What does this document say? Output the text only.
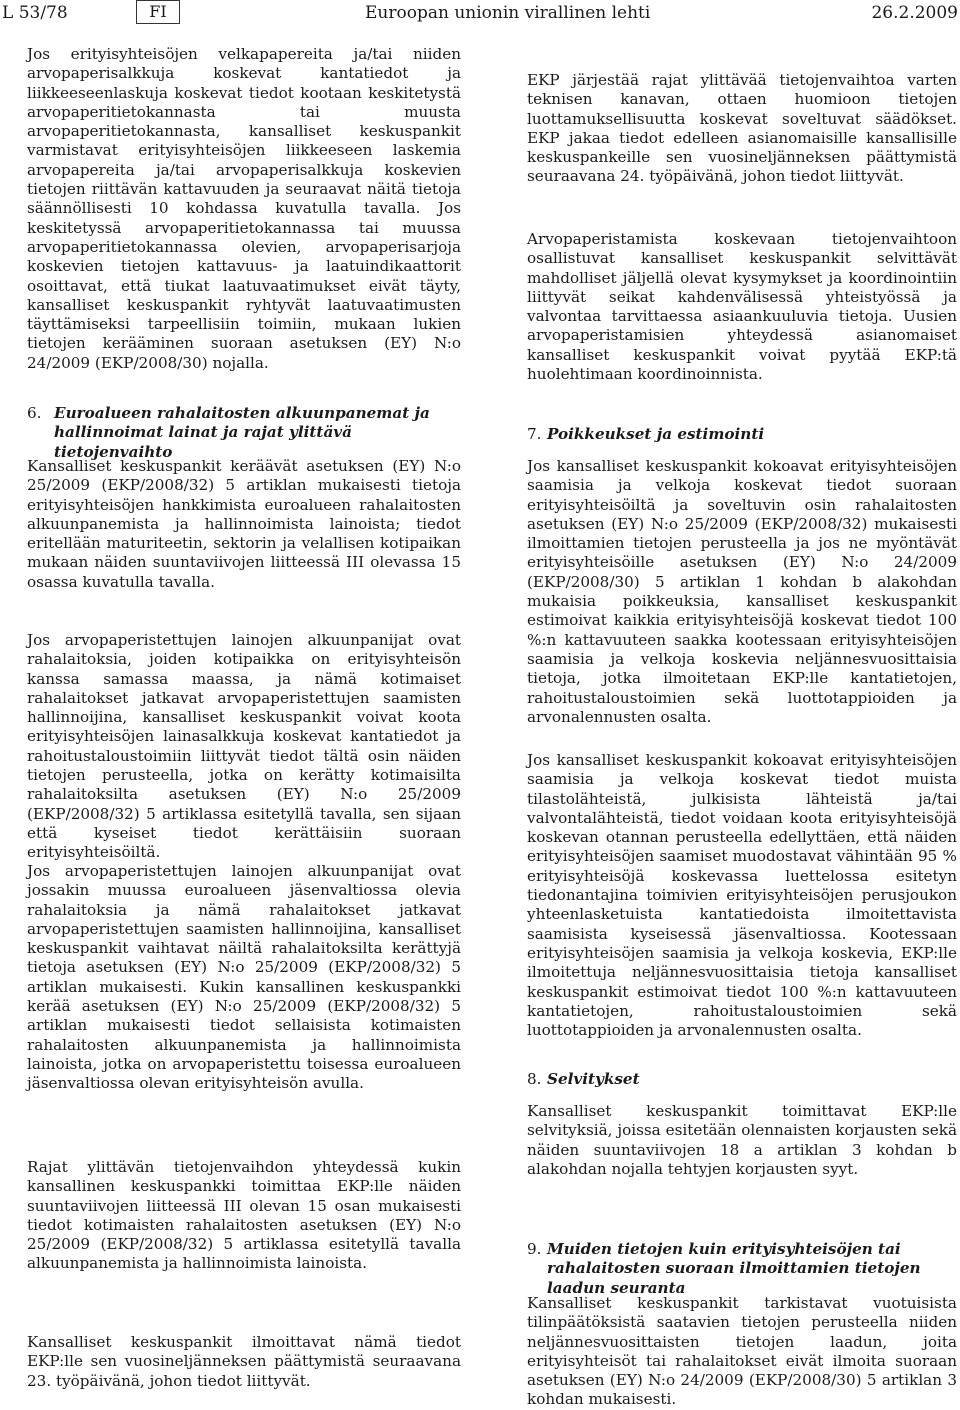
L 53/78	FI	Euroopan unionin virallinen lehti	26.2.2009

Jos erityisyhteisöjen velkapapereita ja/tai niiden arvopaperisalkkuja koskevat kantatiedot ja liikkeeseenlaskuja koskevat tiedot kootaan keskitetystä arvopaperitietokannasta tai muusta arvopaperitietokannasta, kansalliset keskuspankit varmistavat erityisyhteisöjen liikkeeseen laskemia arvopapereita ja/tai arvopaperisalkkuja koskevien tietojen riittävän kattavuuden ja seuraavat näitä tietoja säännöllisesti 10 kohdassa kuvatulla tavalla. Jos keskitetyssä arvopaperitietokannassa tai muussa arvopaperitietokannassa olevien, arvopaperisarjoja koskevien tietojen kattavuus- ja laatuindikaattorit osoittavat, että tiukat laatuvaatimukset eivät täyty, kansalliset keskuspankit ryhtyvät laatuvaatimusten täyttämiseksi tarpeellisiin toimiin, mukaan lukien tietojen kerääminen suoraan asetuksen (EY) N:o 24/2009 (EKP/2008/30) nojalla.

6. Euroalueen rahalaitosten alkuunpanemat ja hallinnoimat lainat ja rajat ylittävä tietojenvaihto

Kansalliset keskuspankit keräävät asetuksen (EY) N:o 25/2009 (EKP/2008/32) 5 artiklan mukaisesti tietoja erityisyhteisöjen hankkimista euroalueen rahalaitosten alkuunpanemista ja hallinnoimista lainoista; tiedot eritellään maturiteetin, sektorin ja velallisen kotipaikan mukaan näiden suuntaviivojen liitteessä III olevassa 15 osassa kuvatulla tavalla.

Jos arvopaperistettujen lainojen alkuunpanijat ovat rahalaitoksia, joiden kotipaikka on erityisyhteisön kanssa samassa maassa, ja nämä kotimaiset rahalaitokset jatkavat arvopaperistettujen saamisten hallinnoijina, kansalliset keskuspankit voivat koota erityisyhteisöjen lainasalkkuja koskevat kantatiedot ja rahoitustaloustoimiin liittyvät tiedot tältä osin näiden tietojen perusteella, jotka on kerätty kotimaisilta rahalaitoksilta asetuksen (EY) N:o 25/2009 (EKP/2008/32) 5 artiklassa esitetyllä tavalla, sen sijaan että kyseiset tiedot kerättäisiin suoraan erityisyhteisöiltä.

Jos arvopaperistettujen lainojen alkuunpanijat ovat jossakin muussa euroalueen jäsenvaltiossa olevia rahalaitoksia ja nämä rahalaitokset jatkavat arvopaperistettujen saamisten hallinnoijina, kansalliset keskuspankit vaihtavat näiltä rahalaitoksilta kerättyjä tietoja asetuksen (EY) N:o 25/2009 (EKP/2008/32) 5 artiklan mukaisesti. Kukin kansallinen keskuspankki kerää asetuksen (EY) N:o 25/2009 (EKP/2008/32) 5 artiklan mukaisesti tiedot sellaisista kotimaisten rahalaitosten alkuunpanemista ja hallinnoimista lainoista, jotka on arvopaperistettu toisessa euroalueen jäsenvaltiossa olevan erityisyhteisön avulla.

Rajat ylittävän tietojenvaihdon yhteydessä kukin kansallinen keskuspankki toimittaa EKP:lle näiden suuntaviivojen liitteessä III olevan 15 osan mukaisesti tiedot kotimaisten rahalaitosten asetuksen (EY) N:o 25/2009 (EKP/2008/32) 5 artiklassa esitetyllä tavalla alkuunpanemista ja hallinnoimista lainoista.

Kansalliset keskuspankit ilmoittavat nämä tiedot EKP:lle sen vuosineljänneksen päättymistä seuraavana 23. työpäivänä, johon tiedot liittyvät.

EKP järjestää rajat ylittävää tietojenvaihtoa varten teknisen kanavan, ottaen huomioon tietojen luottamuksellisuutta koskevat soveltuvat säädökset. EKP jakaa tiedot edelleen asianomaisille kansallisille keskuspankeille sen vuosineljänneksen päättymistä seuraavana 24. työpäivänä, johon tiedot liittyvät.

Arvopaperistamista koskevaan tietojenvaihtoon osallistuvat kansalliset keskuspankit selvittävät mahdolliset jäljellä olevat kysymykset ja koordinointiin liittyvät seikat kahdenvälisessä yhteistyössä ja valvontaa tarvittaessa asiaankuuluvia tietoja. Uusien arvopaperistamisien yhteydessä asianomaiset kansalliset keskuspankit voivat pyytää EKP:tä huolehtimaan koordinoinnista.

7. Poikkeukset ja estimointi

Jos kansalliset keskuspankit kokoavat erityisyhteisöjen saamisia ja velkoja koskevat tiedot suoraan erityisyhteisöiltä ja soveltuvin osin rahalaitosten asetuksen (EY) N:o 25/2009 (EKP/2008/32) mukaisesti ilmoittamien tietojen perusteella ja jos ne myöntävät erityisyhteisöille asetuksen (EY) N:o 24/2009 (EKP/2008/30) 5 artiklan 1 kohdan b alakohdan mukaisia poikkeuksia, kansalliset keskuspankit estimoivat kaikkia erityisyhteisöjä koskevat tiedot 100 %:n kattavuuteen saakka kootessaan erityisyhteisöjen saamisia ja velkoja koskevia neljännesvuosittaisia tietoja, jotka ilmoitetaan EKP:lle kantatietojen, rahoitustaloustoimien sekä luottotappioiden ja arvonalennusten osalta.

Jos kansalliset keskuspankit kokoavat erityisyhteisöjen saamisia ja velkoja koskevat tiedot muista tilastolähteistä, julkisista lähteistä ja/tai valvontalähteistä, tiedot voidaan koota erityisyhteisöjä koskevan otannan perusteella edellyttäen, että näiden erityisyhteisöjen saamiset muodostavat vähintään 95 % erityisyhteisöjä koskevassa luettelossa esitetyn tiedonantajina toimivien erityisyhteisöjen perusjoukon yhteenlasketuista kantatiedoista ilmoitettavista saamisista kyseisessä jäsenvaltiossa. Kootessaan erityisyhteisöjen saamisia ja velkoja koskevia, EKP:lle ilmoitettuja neljännesvuosittaisia tietoja kansalliset keskuspankit estimoivat tiedot 100 %:n kattavuuteen kantatietojen, rahoitustaloustoimien sekä luottotappioiden ja arvonalennusten osalta.

8. Selvitykset

Kansalliset keskuspankit toimittavat EKP:lle selvityksiä, joissa esitetään olennaisten korjausten sekä näiden suuntaviivojen 18 a artiklan 3 kohdan b alakohdan nojalla tehtyjen korjausten syyt.

9. Muiden tietojen kuin erityisyhteisöjen tai rahalaitosten suoraan ilmoittamien tietojen laadun seuranta

Kansalliset keskuspankit tarkistavat vuotuisista tilinpäätöksistä saatavien tietojen perusteella niiden neljännesvuosittaisten tietojen laadun, joita erityisyhteisöt tai rahalaitokset eivät ilmoita suoraan asetuksen (EY) N:o 24/2009 (EKP/2008/30) 5 artiklan 3 kohdan mukaisesti.
